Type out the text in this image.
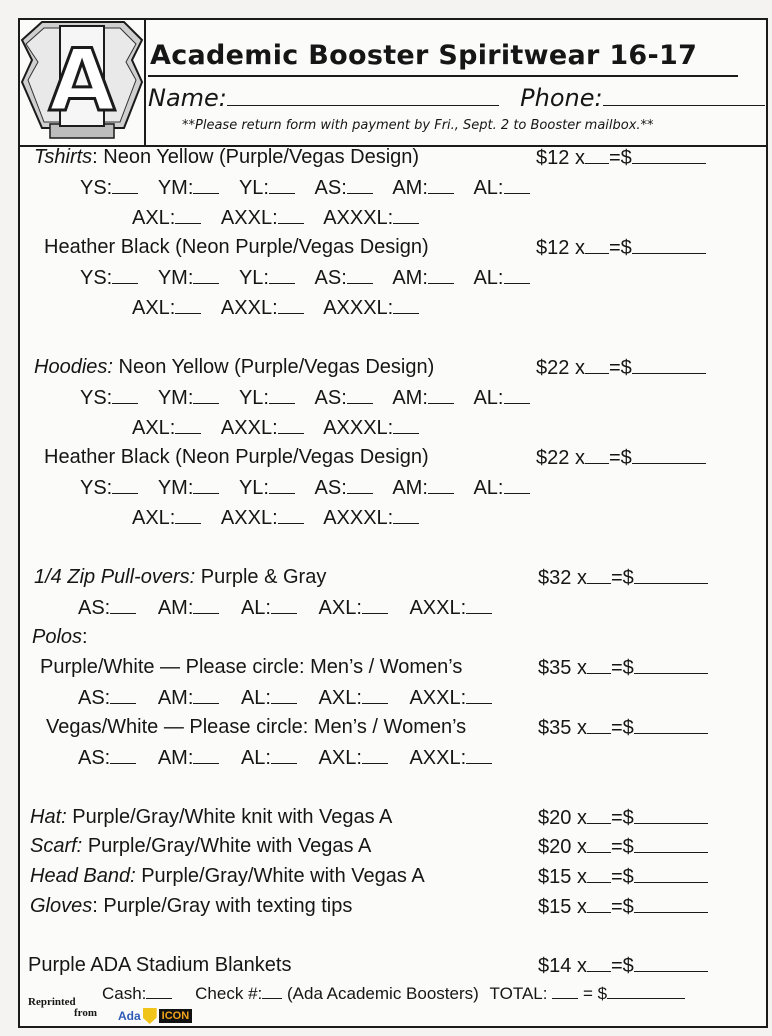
A Academic Booster Spiritwear 16-17
Name:	Phone:
**Please return form with payment by Fri., Sept. 2 to Booster mailbox.**
Tshirts: Neon Yellow (Purple/Vegas Design)	$12 x =$
YS: YM: YL: AS: AM: AL:
AXL: AXXL: AXXXL:
Heather Black (Neon Purple/Vegas Design)	$12 x =$
YS: YM: YL: AS: AM: AL:
AXL: AXXL: AXXXL:
Hoodies: Neon Yellow (Purple/Vegas Design)	$22 x =$
YS: YM: YL: AS: AM: AL:
AXL: AXXL: AXXXL:
Heather Black (Neon Purple/Vegas Design)	$22 x =$
YS: YM: YL: AS: AM: AL:
AXL: AXXL: AXXXL:
1/4 Zip Pull-overs: Purple & Gray	$32 x =$
AS: AM: AL: AXL: AXXL:
Polos:
Purple/White — Please circle: Men’s / Women’s	$35 x =$
AS: AM: AL: AXL: AXXL:
Vegas/White — Please circle: Men’s / Women’s	$35 x =$
AS: AM: AL: AXL: AXXL:
Hat: Purple/Gray/White knit with Vegas A	$20 x =$
Scarf: Purple/Gray/White with Vegas A	$20 x =$
Head Band: Purple/Gray/White with Vegas A	$15 x =$
Gloves: Purple/Gray with texting tips	$15 x =$
Purple ADA Stadium Blankets	$14 x =$
Cash:	Check #: (Ada Academic Boosters) TOTAL: = $
Reprinted
from Ada ICON
